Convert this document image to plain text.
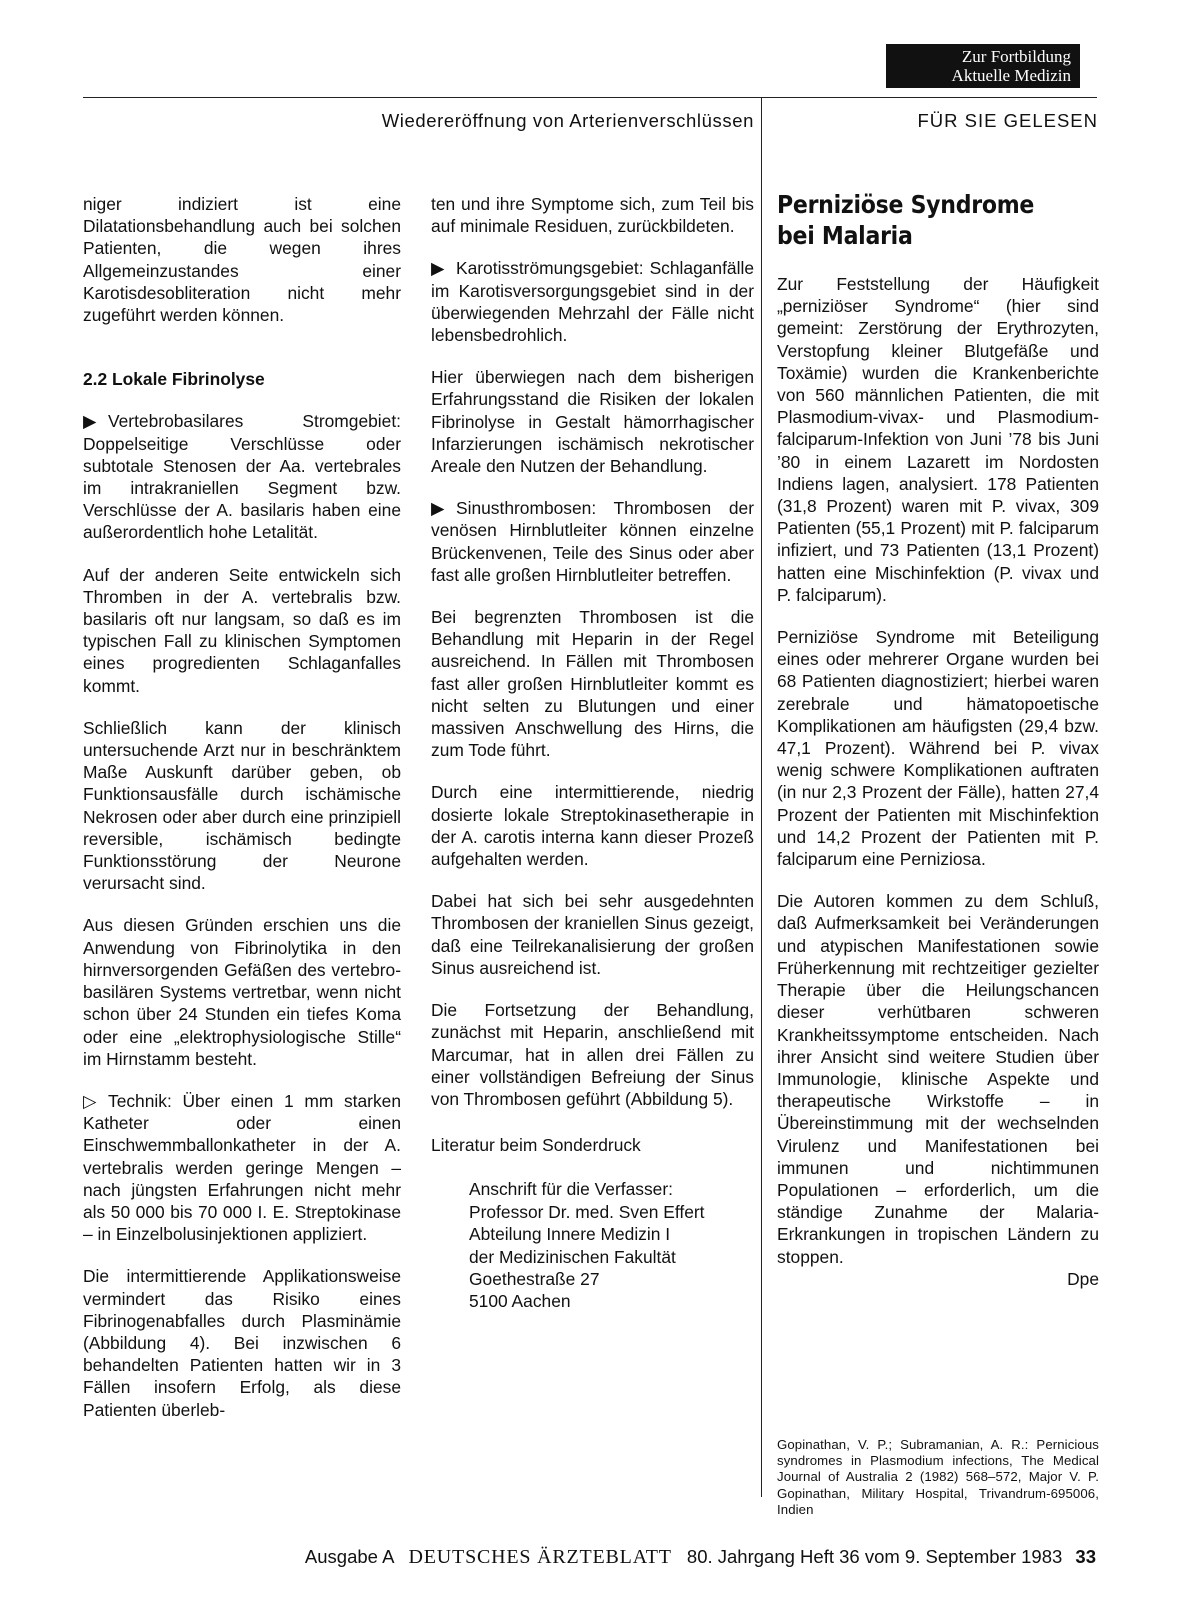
Zur Fortbildung
Aktuelle Medizin
Wiedereröffnung von Arterienverschlüssen	FÜR SIE GELESEN

niger indiziert ist eine Dilatationsbehandlung auch bei solchen Patienten, die wegen ihres Allgemeinzustandes einer Karotisdesobliteration nicht mehr zugeführt werden können.

2.2 Lokale Fibrinolyse

▶ Vertebrobasilares Stromgebiet: Doppelseitige Verschlüsse oder subtotale Stenosen der Aa. vertebrales im intrakraniellen Segment bzw. Verschlüsse der A. basilaris haben eine außerordentlich hohe Letalität.

Auf der anderen Seite entwickeln sich Thromben in der A. vertebralis bzw. basilaris oft nur langsam, so daß es im typischen Fall zu klinischen Symptomen eines progredienten Schlaganfalles kommt.

Schließlich kann der klinisch untersuchende Arzt nur in beschränktem Maße Auskunft darüber geben, ob Funktionsausfälle durch ischämische Nekrosen oder aber durch eine prinzipiell reversible, ischämisch bedingte Funktionsstörung der Neurone verursacht sind.

Aus diesen Gründen erschien uns die Anwendung von Fibrinolytika in den hirnversorgenden Gefäßen des vertebro-basilären Systems vertretbar, wenn nicht schon über 24 Stunden ein tiefes Koma oder eine „elektrophysiologische Stille“ im Hirnstamm besteht.

▷ Technik: Über einen 1 mm starken Katheter oder einen Einschwemmballonkatheter in der A. vertebralis werden geringe Mengen – nach jüngsten Erfahrungen nicht mehr als 50 000 bis 70 000 I. E. Streptokinase – in Einzelbolusinjektionen appliziert.

Die intermittierende Applikationsweise vermindert das Risiko eines Fibrinogenabfalles durch Plasminämie (Abbildung 4). Bei inzwischen 6 behandelten Patienten hatten wir in 3 Fällen insofern Erfolg, als diese Patienten überleb-

ten und ihre Symptome sich, zum Teil bis auf minimale Residuen, zurückbildeten.

▶ Karotisströmungsgebiet: Schlaganfälle im Karotisversorgungsgebiet sind in der überwiegenden Mehrzahl der Fälle nicht lebensbedrohlich.

Hier überwiegen nach dem bisherigen Erfahrungsstand die Risiken der lokalen Fibrinolyse in Gestalt hämorrhagischer Infarzierungen ischämisch nekrotischer Areale den Nutzen der Behandlung.

▶ Sinusthrombosen: Thrombosen der venösen Hirnblutleiter können einzelne Brückenvenen, Teile des Sinus oder aber fast alle großen Hirnblutleiter betreffen.

Bei begrenzten Thrombosen ist die Behandlung mit Heparin in der Regel ausreichend. In Fällen mit Thrombosen fast aller großen Hirnblutleiter kommt es nicht selten zu Blutungen und einer massiven Anschwellung des Hirns, die zum Tode führt.

Durch eine intermittierende, niedrig dosierte lokale Streptokinasetherapie in der A. carotis interna kann dieser Prozeß aufgehalten werden.

Dabei hat sich bei sehr ausgedehnten Thrombosen der kraniellen Sinus gezeigt, daß eine Teilrekanalisierung der großen Sinus ausreichend ist.

Die Fortsetzung der Behandlung, zunächst mit Heparin, anschließend mit Marcumar, hat in allen drei Fällen zu einer vollständigen Befreiung der Sinus von Thrombosen geführt (Abbildung 5).

Literatur beim Sonderdruck
Anschrift für die Verfasser:
Professor Dr. med. Sven Effert
Abteilung Innere Medizin I
der Medizinischen Fakultät
Goethestraße 27
5100 Aachen
Perniziöse Syndrome bei Malaria

Zur Feststellung der Häufigkeit „perniziöser Syndrome“ (hier sind gemeint: Zerstörung der Erythrozyten, Verstopfung kleiner Blutgefäße und Toxämie) wurden die Krankenberichte von 560 männlichen Patienten, die mit Plasmodium-vivax- und Plasmodium-falciparum-Infektion von Juni ’78 bis Juni ’80 in einem Lazarett im Nordosten Indiens lagen, analysiert. 178 Patienten (31,8 Prozent) waren mit P. vivax, 309 Patienten (55,1 Prozent) mit P. falciparum infiziert, und 73 Patienten (13,1 Prozent) hatten eine Mischinfektion (P. vivax und P. falciparum).

Perniziöse Syndrome mit Beteiligung eines oder mehrerer Organe wurden bei 68 Patienten diagnostiziert; hierbei waren zerebrale und hämatopoetische Komplikationen am häufigsten (29,4 bzw. 47,1 Prozent). Während bei P. vivax wenig schwere Komplikationen auftraten (in nur 2,3 Prozent der Fälle), hatten 27,4 Prozent der Patienten mit Mischinfektion und 14,2 Prozent der Patienten mit P. falciparum eine Perniziosa.

Die Autoren kommen zu dem Schluß, daß Aufmerksamkeit bei Veränderungen und atypischen Manifestationen sowie Früherkennung mit rechtzeitiger gezielter Therapie über die Heilungschancen dieser verhütbaren schweren Krankheitssymptome entscheiden. Nach ihrer Ansicht sind weitere Studien über Immunologie, klinische Aspekte und therapeutische Wirkstoffe – in Übereinstimmung mit der wechselnden Virulenz und Manifestationen bei immunen und nichtimmunen Populationen – erforderlich, um die ständige Zunahme der Malaria-Erkrankungen in tropischen Ländern zu stoppen.
Dpe

Gopinathan, V. P.; Subramanian, A. R.: Pernicious syndromes in Plasmodium infections, The Medical Journal of Australia 2 (1982) 568–572, Major V. P. Gopinathan, Military Hospital, Trivandrum-695006, Indien
Ausgabe A DEUTSCHES ÄRZTEBLATT 80. Jahrgang Heft 36 vom 9. September 1983 33
